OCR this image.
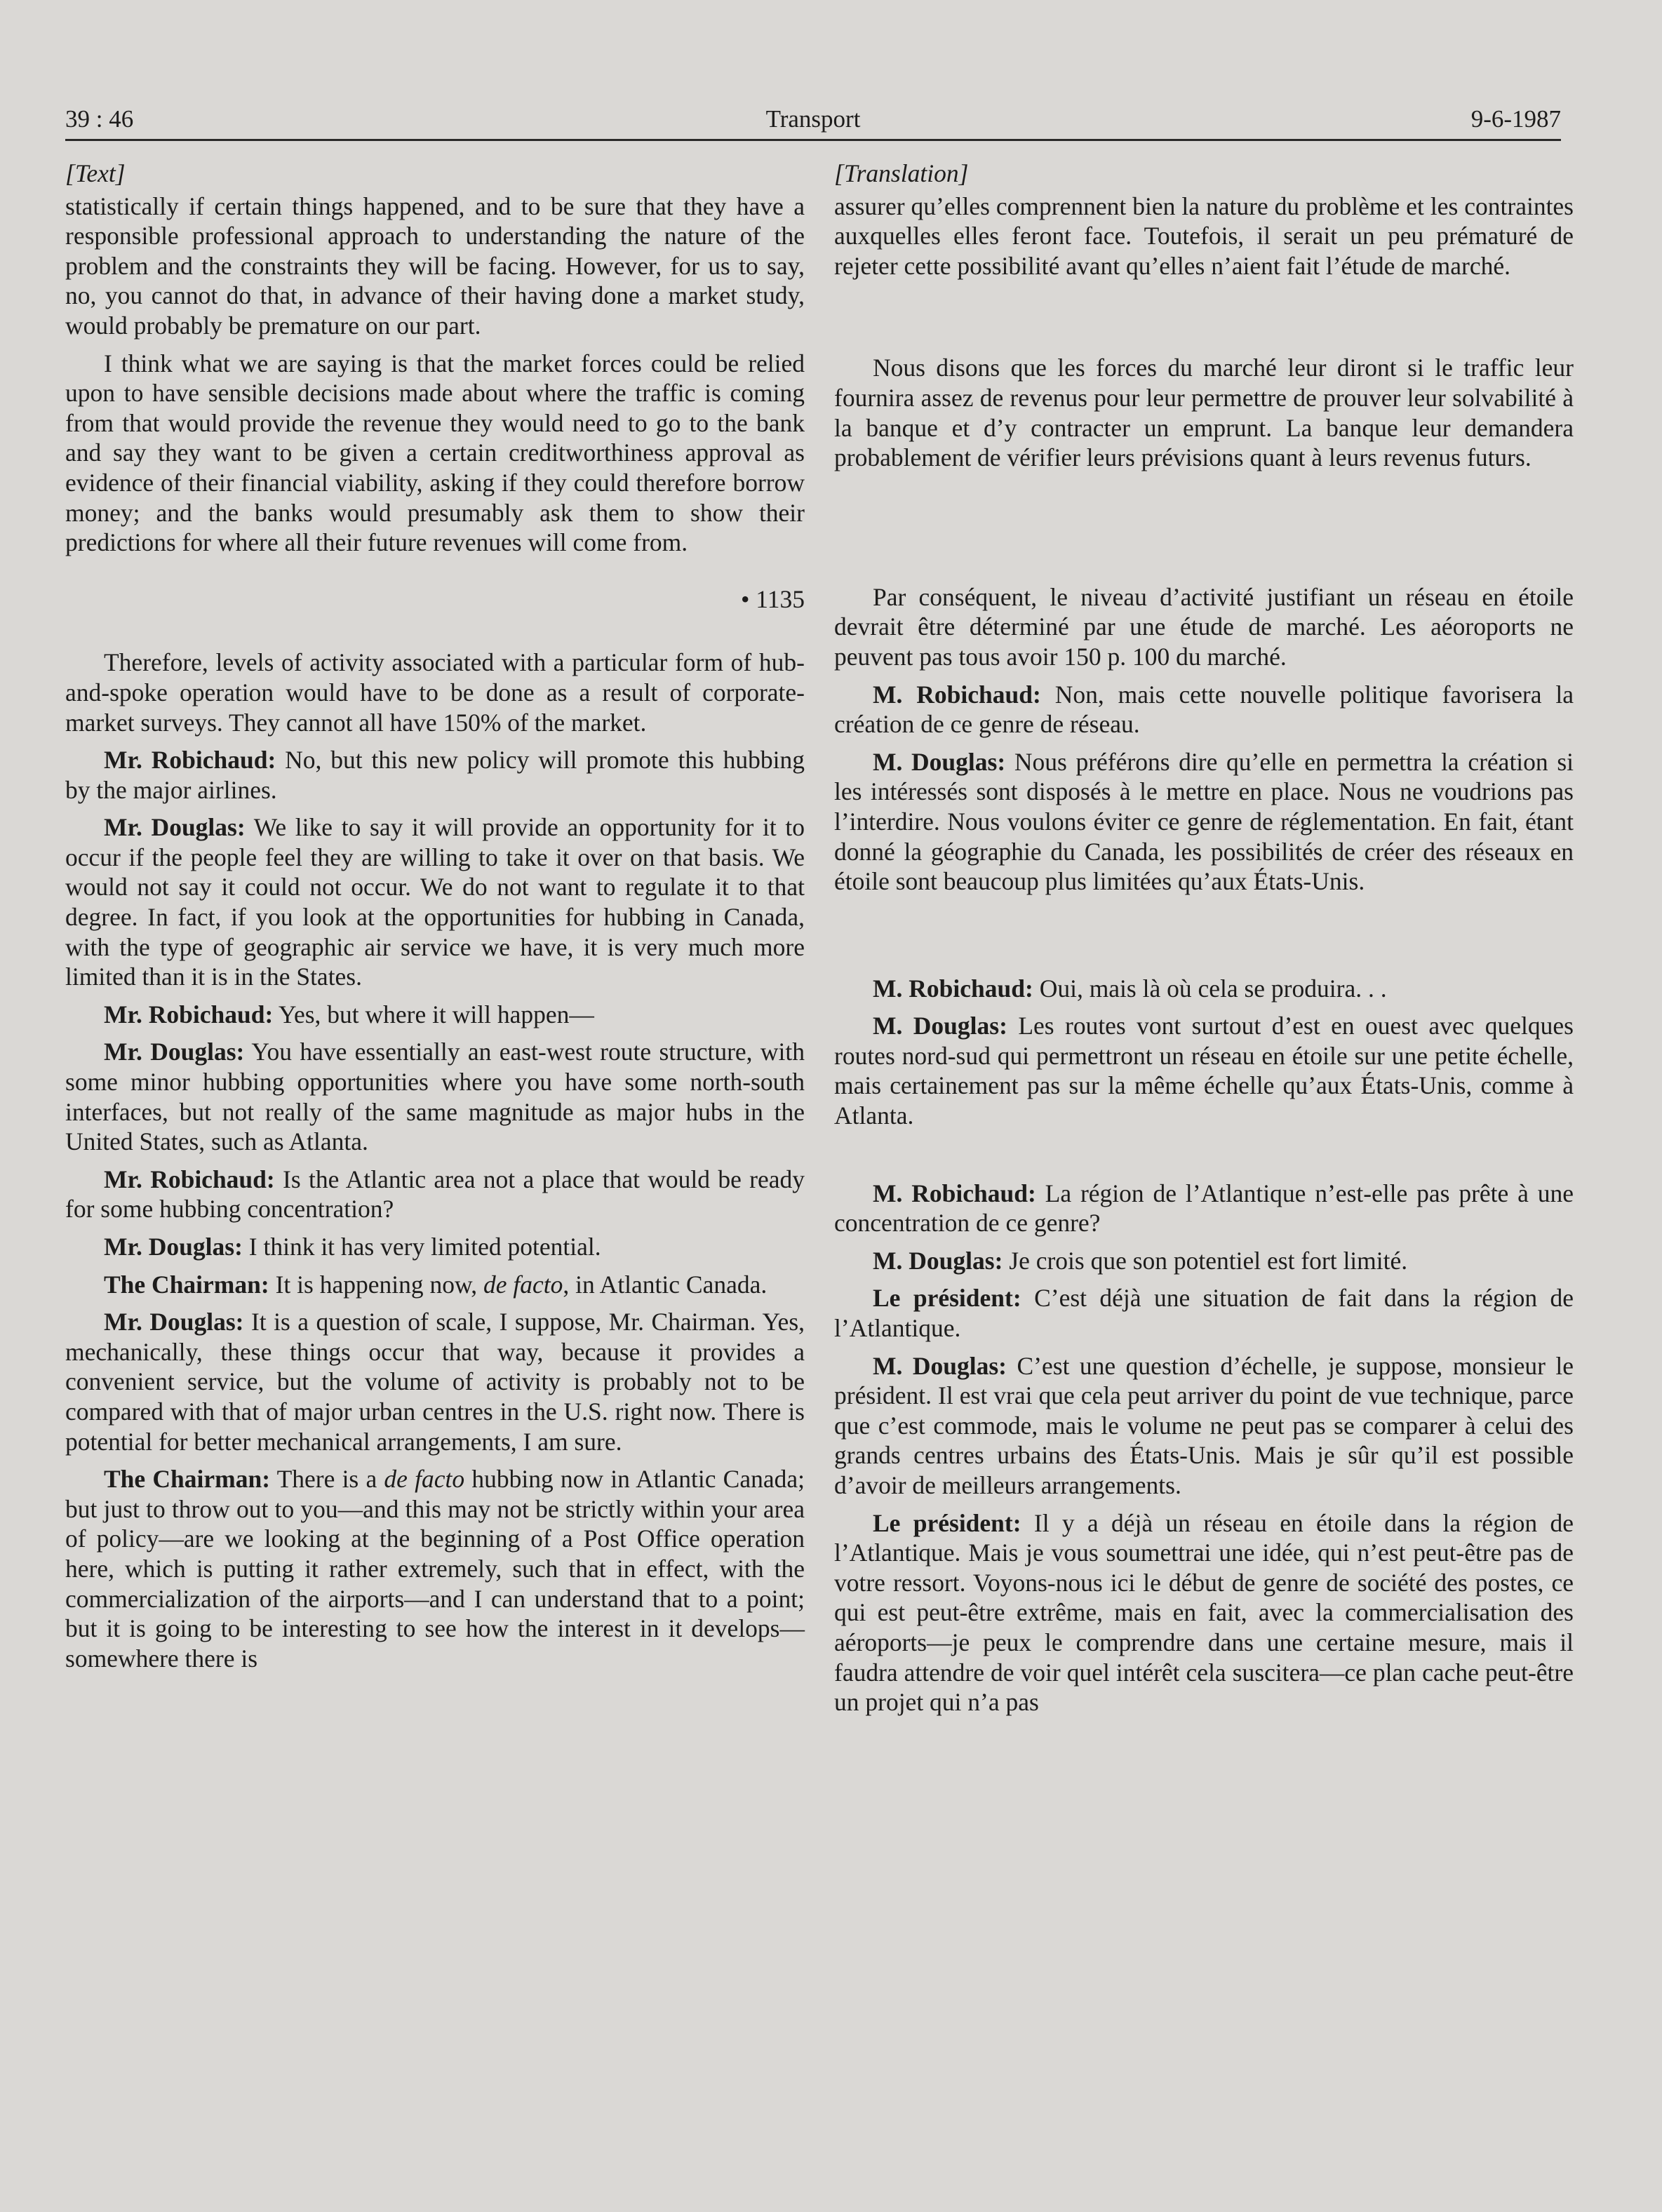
39 : 46	Transport	9-6-1987

[Text]

statistically if certain things happened, and to be sure that they have a responsible professional approach to understanding the nature of the problem and the constraints they will be facing. However, for us to say, no, you cannot do that, in advance of their having done a market study, would probably be premature on our part.

I think what we are saying is that the market forces could be relied upon to have sensible decisions made about where the traffic is coming from that would provide the revenue they would need to go to the bank and say they want to be given a certain creditworthiness approval as evidence of their financial viability, asking if they could therefore borrow money; and the banks would presumably ask them to show their predictions for where all their future revenues will come from.

• 1135

Therefore, levels of activity associated with a particular form of hub-and-spoke operation would have to be done as a result of corporate-market surveys. They cannot all have 150% of the market.

Mr. Robichaud: No, but this new policy will promote this hubbing by the major airlines.

Mr. Douglas: We like to say it will provide an opportunity for it to occur if the people feel they are willing to take it over on that basis. We would not say it could not occur. We do not want to regulate it to that degree. In fact, if you look at the opportunities for hubbing in Canada, with the type of geographic air service we have, it is very much more limited than it is in the States.

Mr. Robichaud: Yes, but where it will happen—

Mr. Douglas: You have essentially an east-west route structure, with some minor hubbing opportunities where you have some north-south interfaces, but not really of the same magnitude as major hubs in the United States, such as Atlanta.

Mr. Robichaud: Is the Atlantic area not a place that would be ready for some hubbing concentration?

Mr. Douglas: I think it has very limited potential.

The Chairman: It is happening now, de facto, in Atlantic Canada.

Mr. Douglas: It is a question of scale, I suppose, Mr. Chairman. Yes, mechanically, these things occur that way, because it provides a convenient service, but the volume of activity is probably not to be compared with that of major urban centres in the U.S. right now. There is potential for better mechanical arrangements, I am sure.

The Chairman: There is a de facto hubbing now in Atlantic Canada; but just to throw out to you—and this may not be strictly within your area of policy—are we looking at the beginning of a Post Office operation here, which is putting it rather extremely, such that in effect, with the commercialization of the airports—and I can understand that to a point; but it is going to be interesting to see how the interest in it develops—somewhere there is

[Translation]

assurer qu’elles comprennent bien la nature du problème et les contraintes auxquelles elles feront face. Toutefois, il serait un peu prématuré de rejeter cette possibilité avant qu’elles n’aient fait l’étude de marché.

Nous disons que les forces du marché leur diront si le traffic leur fournira assez de revenus pour leur permettre de prouver leur solvabilité à la banque et d’y contracter un emprunt. La banque leur demandera probablement de vérifier leurs prévisions quant à leurs revenus futurs.

Par conséquent, le niveau d’activité justifiant un réseau en étoile devrait être déterminé par une étude de marché. Les aéoroports ne peuvent pas tous avoir 150 p. 100 du marché.

M. Robichaud: Non, mais cette nouvelle politique favorisera la création de ce genre de réseau.

M. Douglas: Nous préférons dire qu’elle en permettra la création si les intéressés sont disposés à le mettre en place. Nous ne voudrions pas l’interdire. Nous voulons éviter ce genre de réglementation. En fait, étant donné la géographie du Canada, les possibilités de créer des réseaux en étoile sont beaucoup plus limitées qu’aux États-Unis.

M. Robichaud: Oui, mais là où cela se produira. . .

M. Douglas: Les routes vont surtout d’est en ouest avec quelques routes nord-sud qui permettront un réseau en étoile sur une petite échelle, mais certainement pas sur la même échelle qu’aux États-Unis, comme à Atlanta.

M. Robichaud: La région de l’Atlantique n’est-elle pas prête à une concentration de ce genre?

M. Douglas: Je crois que son potentiel est fort limité.

Le président: C’est déjà une situation de fait dans la région de l’Atlantique.

M. Douglas: C’est une question d’échelle, je suppose, monsieur le président. Il est vrai que cela peut arriver du point de vue technique, parce que c’est commode, mais le volume ne peut pas se comparer à celui des grands centres urbains des États-Unis. Mais je sûr qu’il est possible d’avoir de meilleurs arrangements.

Le président: Il y a déjà un réseau en étoile dans la région de l’Atlantique. Mais je vous soumettrai une idée, qui n’est peut-être pas de votre ressort. Voyons-nous ici le début de genre de société des postes, ce qui est peut-être extrême, mais en fait, avec la commercialisation des aéroports—je peux le comprendre dans une certaine mesure, mais il faudra attendre de voir quel intérêt cela suscitera—ce plan cache peut-être un projet qui n’a pas
